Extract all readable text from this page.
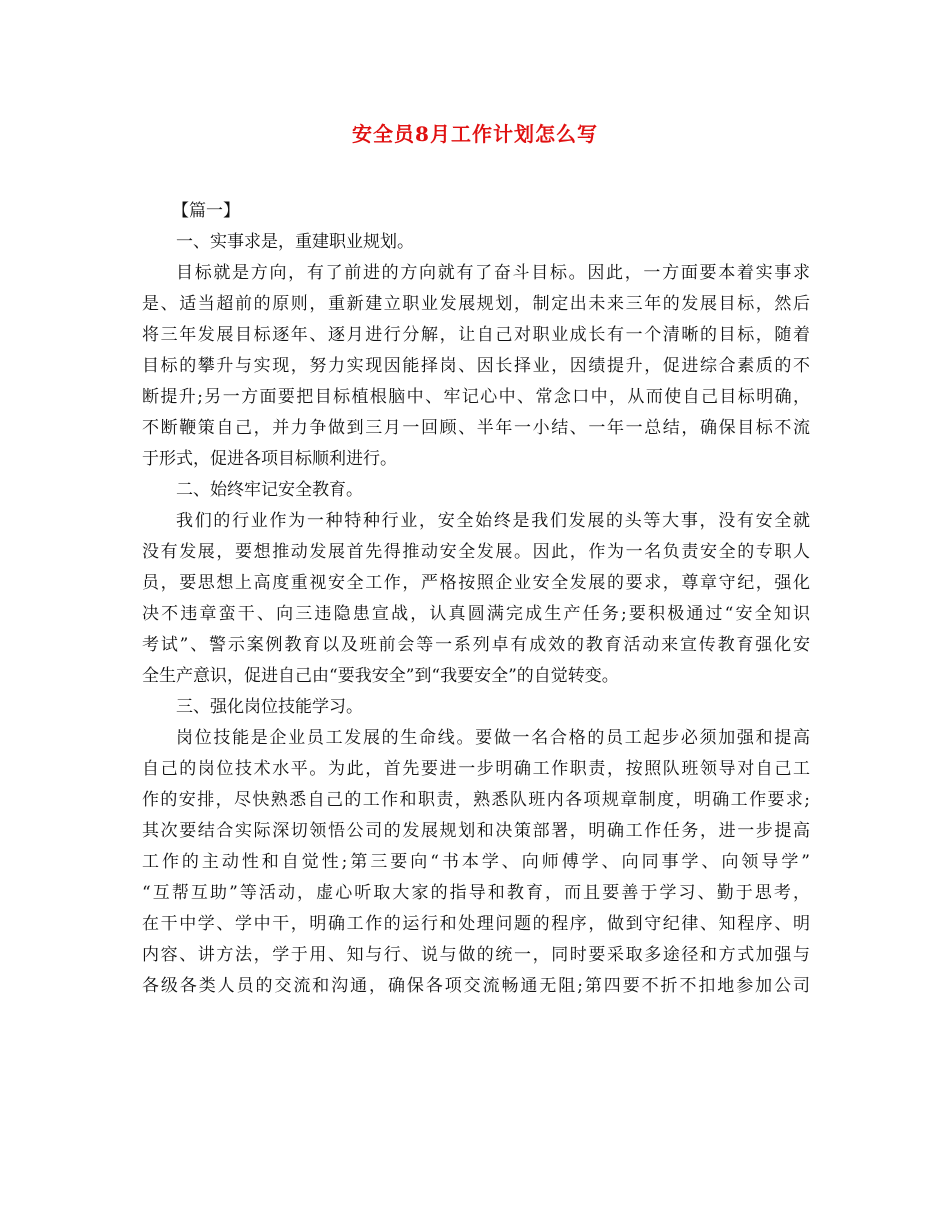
安全员8月工作计划怎么写
【篇一】
一、实事求是，重建职业规划。
目标就是方向，有了前进的方向就有了奋斗目标。因此，一方面要本着实事求
是、适当超前的原则，重新建立职业发展规划，制定出未来三年的发展目标，然后
将三年发展目标逐年、逐月进行分解，让自己对职业成长有一个清晰的目标，随着
目标的攀升与实现，努力实现因能择岗、因长择业，因绩提升，促进综合素质的不
断提升;另一方面要把目标植根脑中、牢记心中、常念口中，从而使自己目标明确，
不断鞭策自己，并力争做到三月一回顾、半年一小结、一年一总结，确保目标不流
于形式，促进各项目标顺利进行。
二、始终牢记安全教育。
我们的行业作为一种特种行业，安全始终是我们发展的头等大事，没有安全就
没有发展，要想推动发展首先得推动安全发展。因此，作为一名负责安全的专职人
员，要思想上高度重视安全工作，严格按照企业安全发展的要求，尊章守纪，强化
决不违章蛮干、向三违隐患宣战，认真圆满完成生产任务;要积极通过“安全知识
考试”、警示案例教育以及班前会等一系列卓有成效的教育活动来宣传教育强化安
全生产意识，促进自己由“要我安全”到“我要安全”的自觉转变。
三、强化岗位技能学习。
岗位技能是企业员工发展的生命线。要做一名合格的员工起步必须加强和提高
自己的岗位技术水平。为此，首先要进一步明确工作职责，按照队班领导对自己工
作的安排，尽快熟悉自己的工作和职责，熟悉队班内各项规章制度，明确工作要求;
其次要结合实际深切领悟公司的发展规划和决策部署，明确工作任务，进一步提高
工作的主动性和自觉性;第三要向“书本学、向师傅学、向同事学、向领导学”
“互帮互助”等活动，虚心听取大家的指导和教育，而且要善于学习、勤于思考，
在干中学、学中干，明确工作的运行和处理问题的程序，做到守纪律、知程序、明
内容、讲方法，学于用、知与行、说与做的统一，同时要采取多途径和方式加强与
各级各类人员的交流和沟通，确保各项交流畅通无阻;第四要不折不扣地参加公司
